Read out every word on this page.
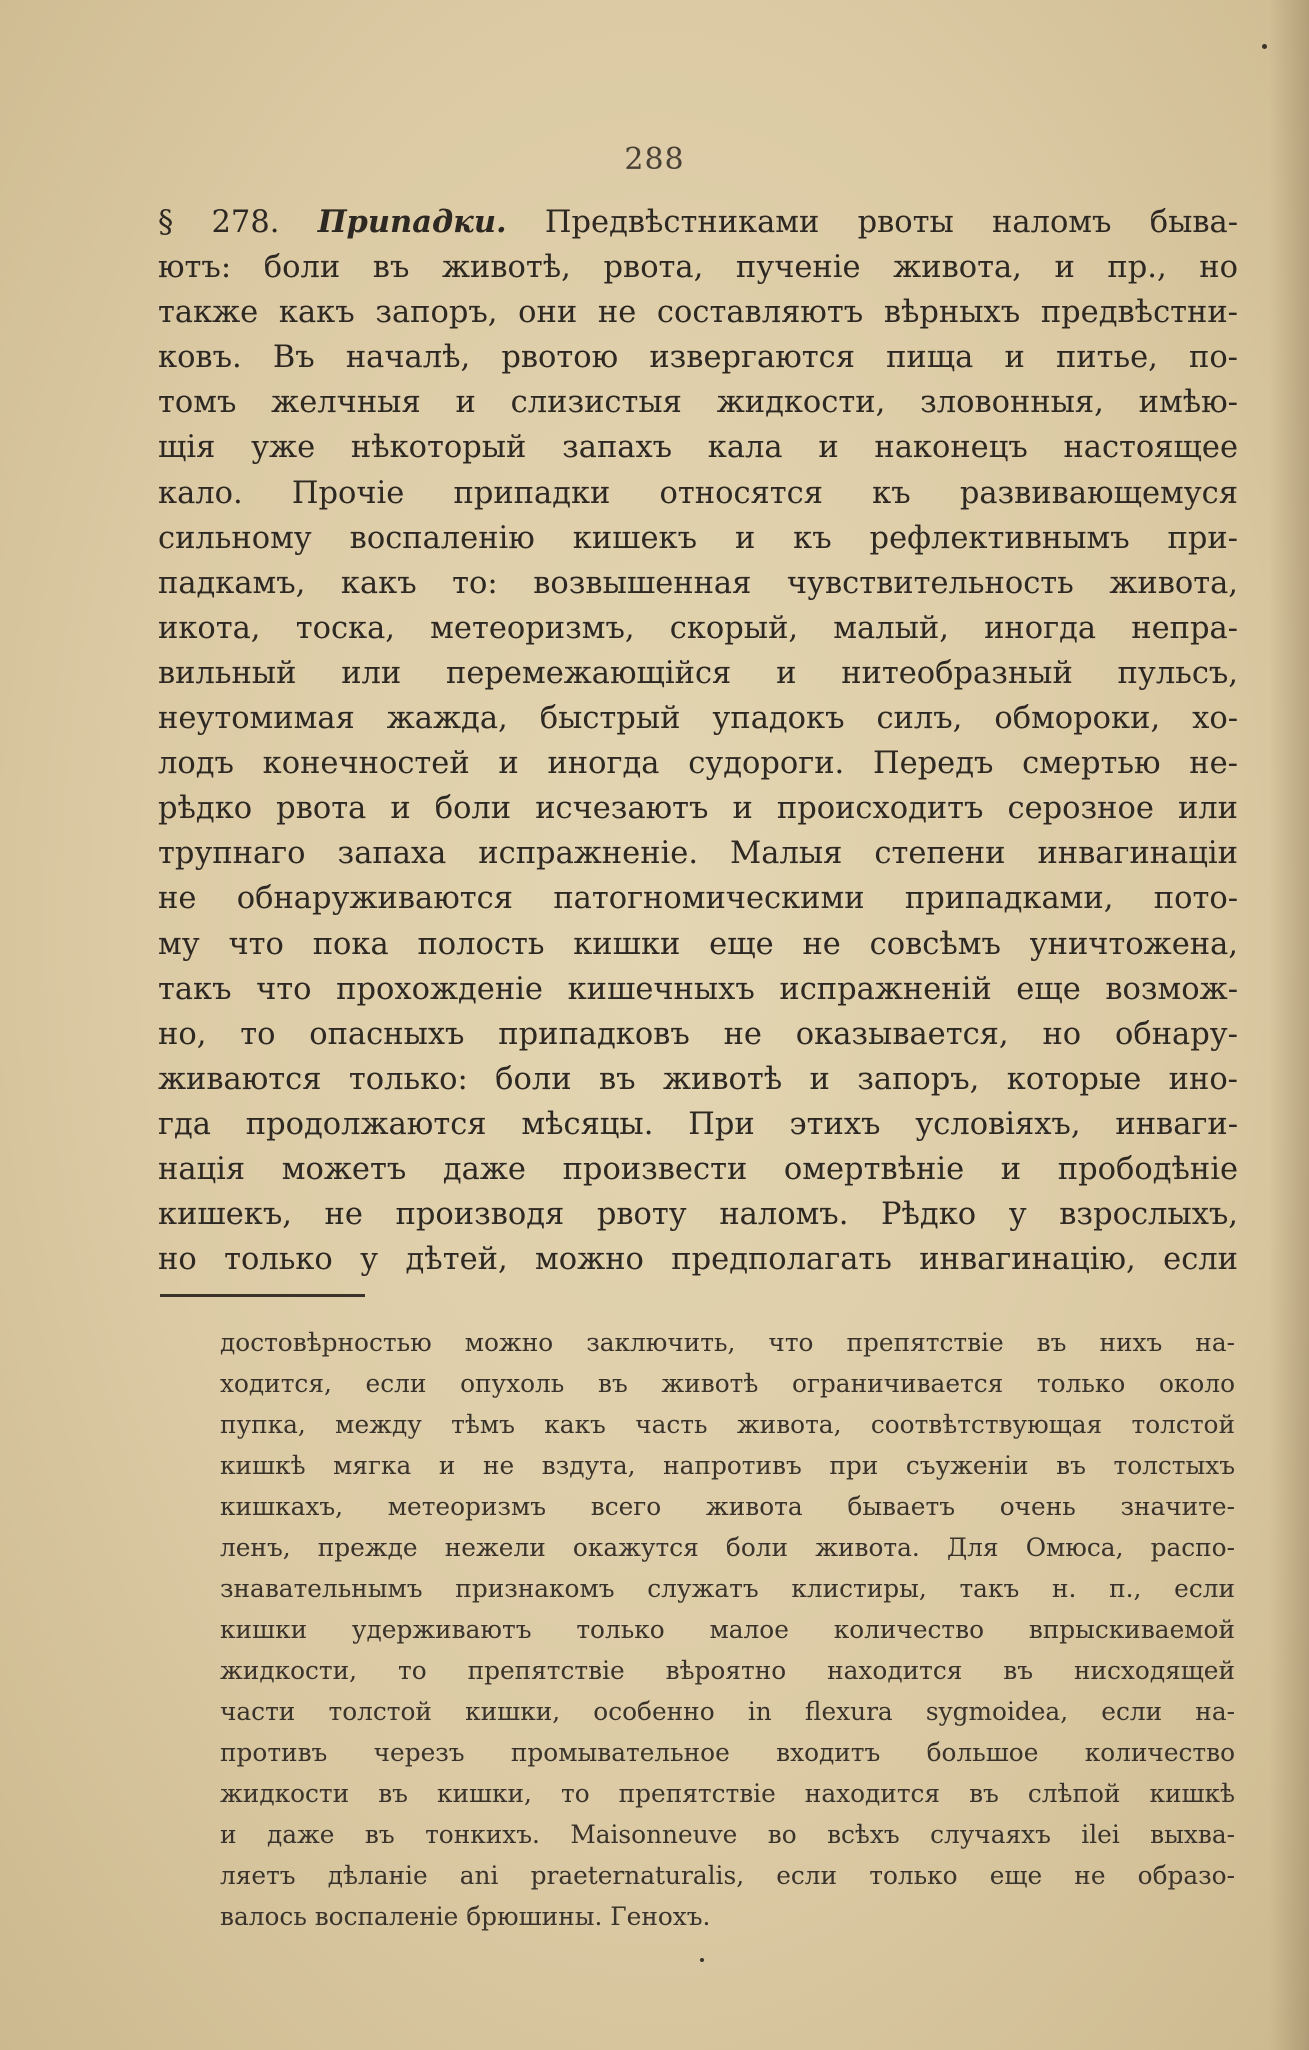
288
§ 278. Припадки. Предвѣстниками рвоты наломъ быва-
ютъ: боли въ животѣ, рвота, пученіе живота, и пр., но
также какъ запоръ, они не составляютъ вѣрныхъ предвѣстни-
ковъ. Въ началѣ, рвотою извергаются пища и питье, по-
томъ желчныя и слизистыя жидкости, зловонныя, имѣю-
щія уже нѣкоторый запахъ кала и наконецъ настоящее
кало. Прочіе припадки относятся къ развивающемуся
сильному воспаленію кишекъ и къ рефлективнымъ при-
падкамъ, какъ то: возвышенная чувствительность живота,
икота, тоска, метеоризмъ, скорый, малый, иногда непра-
вильный или перемежающійся и нитеобразный пульсъ,
неутомимая жажда, быстрый упадокъ силъ, обмороки, хо-
лодъ конечностей и иногда судороги. Передъ смертью не-
рѣдко рвота и боли исчезаютъ и происходитъ серозное или
трупнаго запаха испражненіе. Малыя степени инвагинаціи
не обнаруживаются патогномическими припадками, пото-
му что пока полость кишки еще не совсѣмъ уничтожена,
такъ что прохожденіе кишечныхъ испражненій еще возмож-
но, то опасныхъ припадковъ не оказывается, но обнару-
живаются только: боли въ животѣ и запоръ, которые ино-
гда продолжаются мѣсяцы. При этихъ условіяхъ, инваги-
нація можетъ даже произвести омертвѣніе и прободѣніе
кишекъ, не производя рвоту наломъ. Рѣдко у взрослыхъ,
но только у дѣтей, можно предполагать инвагинацію, если
достовѣрностью можно заключить, что препятствіе въ нихъ на-
ходится, если опухоль въ животѣ ограничивается только около
пупка, между тѣмъ какъ часть живота, соотвѣтствующая толстой
кишкѣ мягка и не вздута, напротивъ при съуженіи въ толстыхъ
кишкахъ, метеоризмъ всего живота бываетъ очень значите-
ленъ, прежде нежели окажутся боли живота. Для Омюса, распо-
знавательнымъ признакомъ служатъ клистиры, такъ н. п., если
кишки удерживаютъ только малое количество впрыскиваемой
жидкости, то препятствіе вѣроятно находится въ нисходящей
части толстой кишки, особенно in flexura sygmoidea, если на-
противъ черезъ промывательное входитъ большое количество
жидкости въ кишки, то препятствіе находится въ слѣпой кишкѣ
и даже въ тонкихъ. Maisonneuve во всѣхъ случаяхъ ilei выхва-
ляетъ дѣланіе ani praeternaturalis, если только еще не образо-
валось воспаленіе брюшины. Генохъ.
